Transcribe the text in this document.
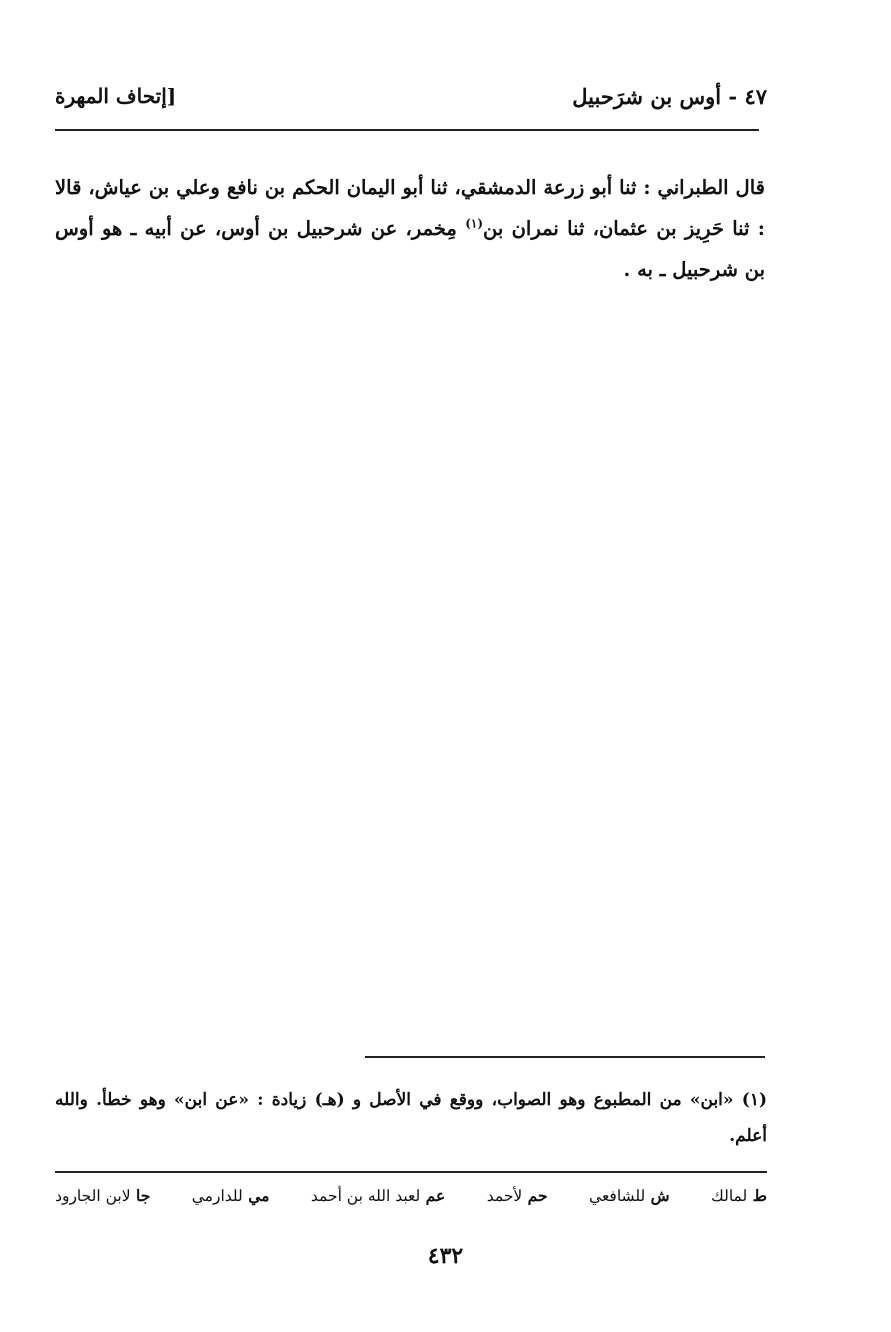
٤٧ - أوس بن شرَحبيل
[إتحاف المهرة
قال الطبراني : ثنا أبو زرعة الدمشقي، ثنا أبو اليمان الحكم بن نافع وعلي بن عياش، قالا : ثنا حَرِيز بن عثمان، ثنا نمران بن$^{(١)}$ مِخمر، عن شرحبيل بن أوس، عن أبيه ـ هو أوس بن شرحبيل ـ به .
(١) «ابن» من المطبوع وهو الصواب، ووقع في الأصل و (هـ) زيادة : «عن ابن» وهو خطأ. والله أعلم.
ط لمالك
ش للشافعي
حم لأحمد
عم لعبد الله بن أحمد
مي للدارمي
جا لابن الجارود
٤٣٢
